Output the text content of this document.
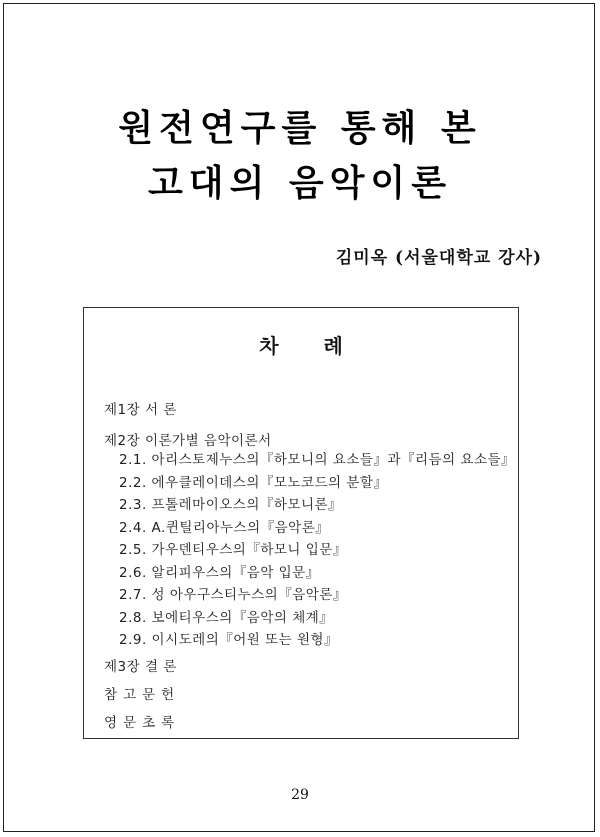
원전연구를 통해 본
고대의 음악이론
김미옥 (서울대학교 강사)
차 례
제1장 서 론
제2장 이론가별 음악이론서
2.1. 아리스토제누스의『하모니의 요소들』과『리듬의 요소들』
2.2. 에우클레이데스의『모노코드의 분할』
2.3. 프톨레마이오스의『하모니론』
2.4. A.퀸틸리아누스의『음악론』
2.5. 가우덴티우스의『하모니 입문』
2.6. 알리피우스의『음악 입문』
2.7. 성 아우구스티누스의『음악론』
2.8. 보에티우스의『음악의 체계』
2.9. 이시도레의『어원 또는 원형』
제3장 결 론
참고문헌
영문초록
29
